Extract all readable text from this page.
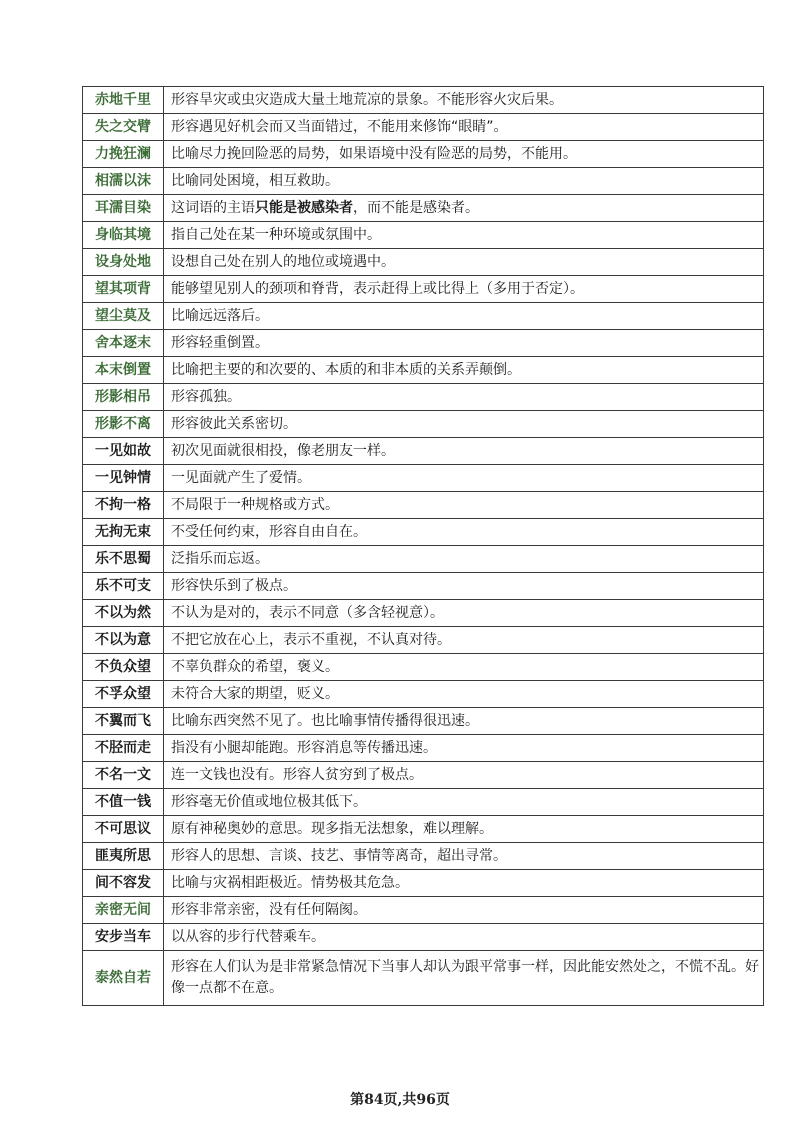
赤地千里	形容旱灾或虫灾造成大量土地荒凉的景象。不能形容火灾后果。
失之交臂	形容遇见好机会而又当面错过，不能用来修饰“眼睛”。
力挽狂澜	比喻尽力挽回险恶的局势，如果语境中没有险恶的局势，不能用。
相濡以沫	比喻同处困境，相互救助。
耳濡目染	这词语的主语只能是被感染者，而不能是感染者。
身临其境	指自己处在某一种环境或氛围中。
设身处地	设想自己处在别人的地位或境遇中。
望其项背	能够望见别人的颈项和脊背，表示赶得上或比得上（多用于否定）。
望尘莫及	比喻远远落后。
舍本逐末	形容轻重倒置。
本末倒置	比喻把主要的和次要的、本质的和非本质的关系弄颠倒。
形影相吊	形容孤独。
形影不离	形容彼此关系密切。
一见如故	初次见面就很相投，像老朋友一样。
一见钟情	一见面就产生了爱情。
不拘一格	不局限于一种规格或方式。
无拘无束	不受任何约束，形容自由自在。
乐不思蜀	泛指乐而忘返。
乐不可支	形容快乐到了极点。
不以为然	不认为是对的，表示不同意（多含轻视意）。
不以为意	不把它放在心上，表示不重视，不认真对待。
不负众望	不辜负群众的希望，褒义。
不孚众望	未符合大家的期望，贬义。
不翼而飞	比喻东西突然不见了。也比喻事情传播得很迅速。
不胫而走	指没有小腿却能跑。形容消息等传播迅速。
不名一文	连一文钱也没有。形容人贫穷到了极点。
不值一钱	形容毫无价值或地位极其低下。
不可思议	原有神秘奥妙的意思。现多指无法想象，难以理解。
匪夷所思	形容人的思想、言谈、技艺、事情等离奇，超出寻常。
间不容发	比喻与灾祸相距极近。情势极其危急。
亲密无间	形容非常亲密，没有任何隔阂。
安步当车	以从容的步行代替乘车。
泰然自若	形容在人们认为是非常紧急情况下当事人却认为跟平常事一样，因此能安然处之，不慌不乱。好像一点都不在意。
第84页,共96页
